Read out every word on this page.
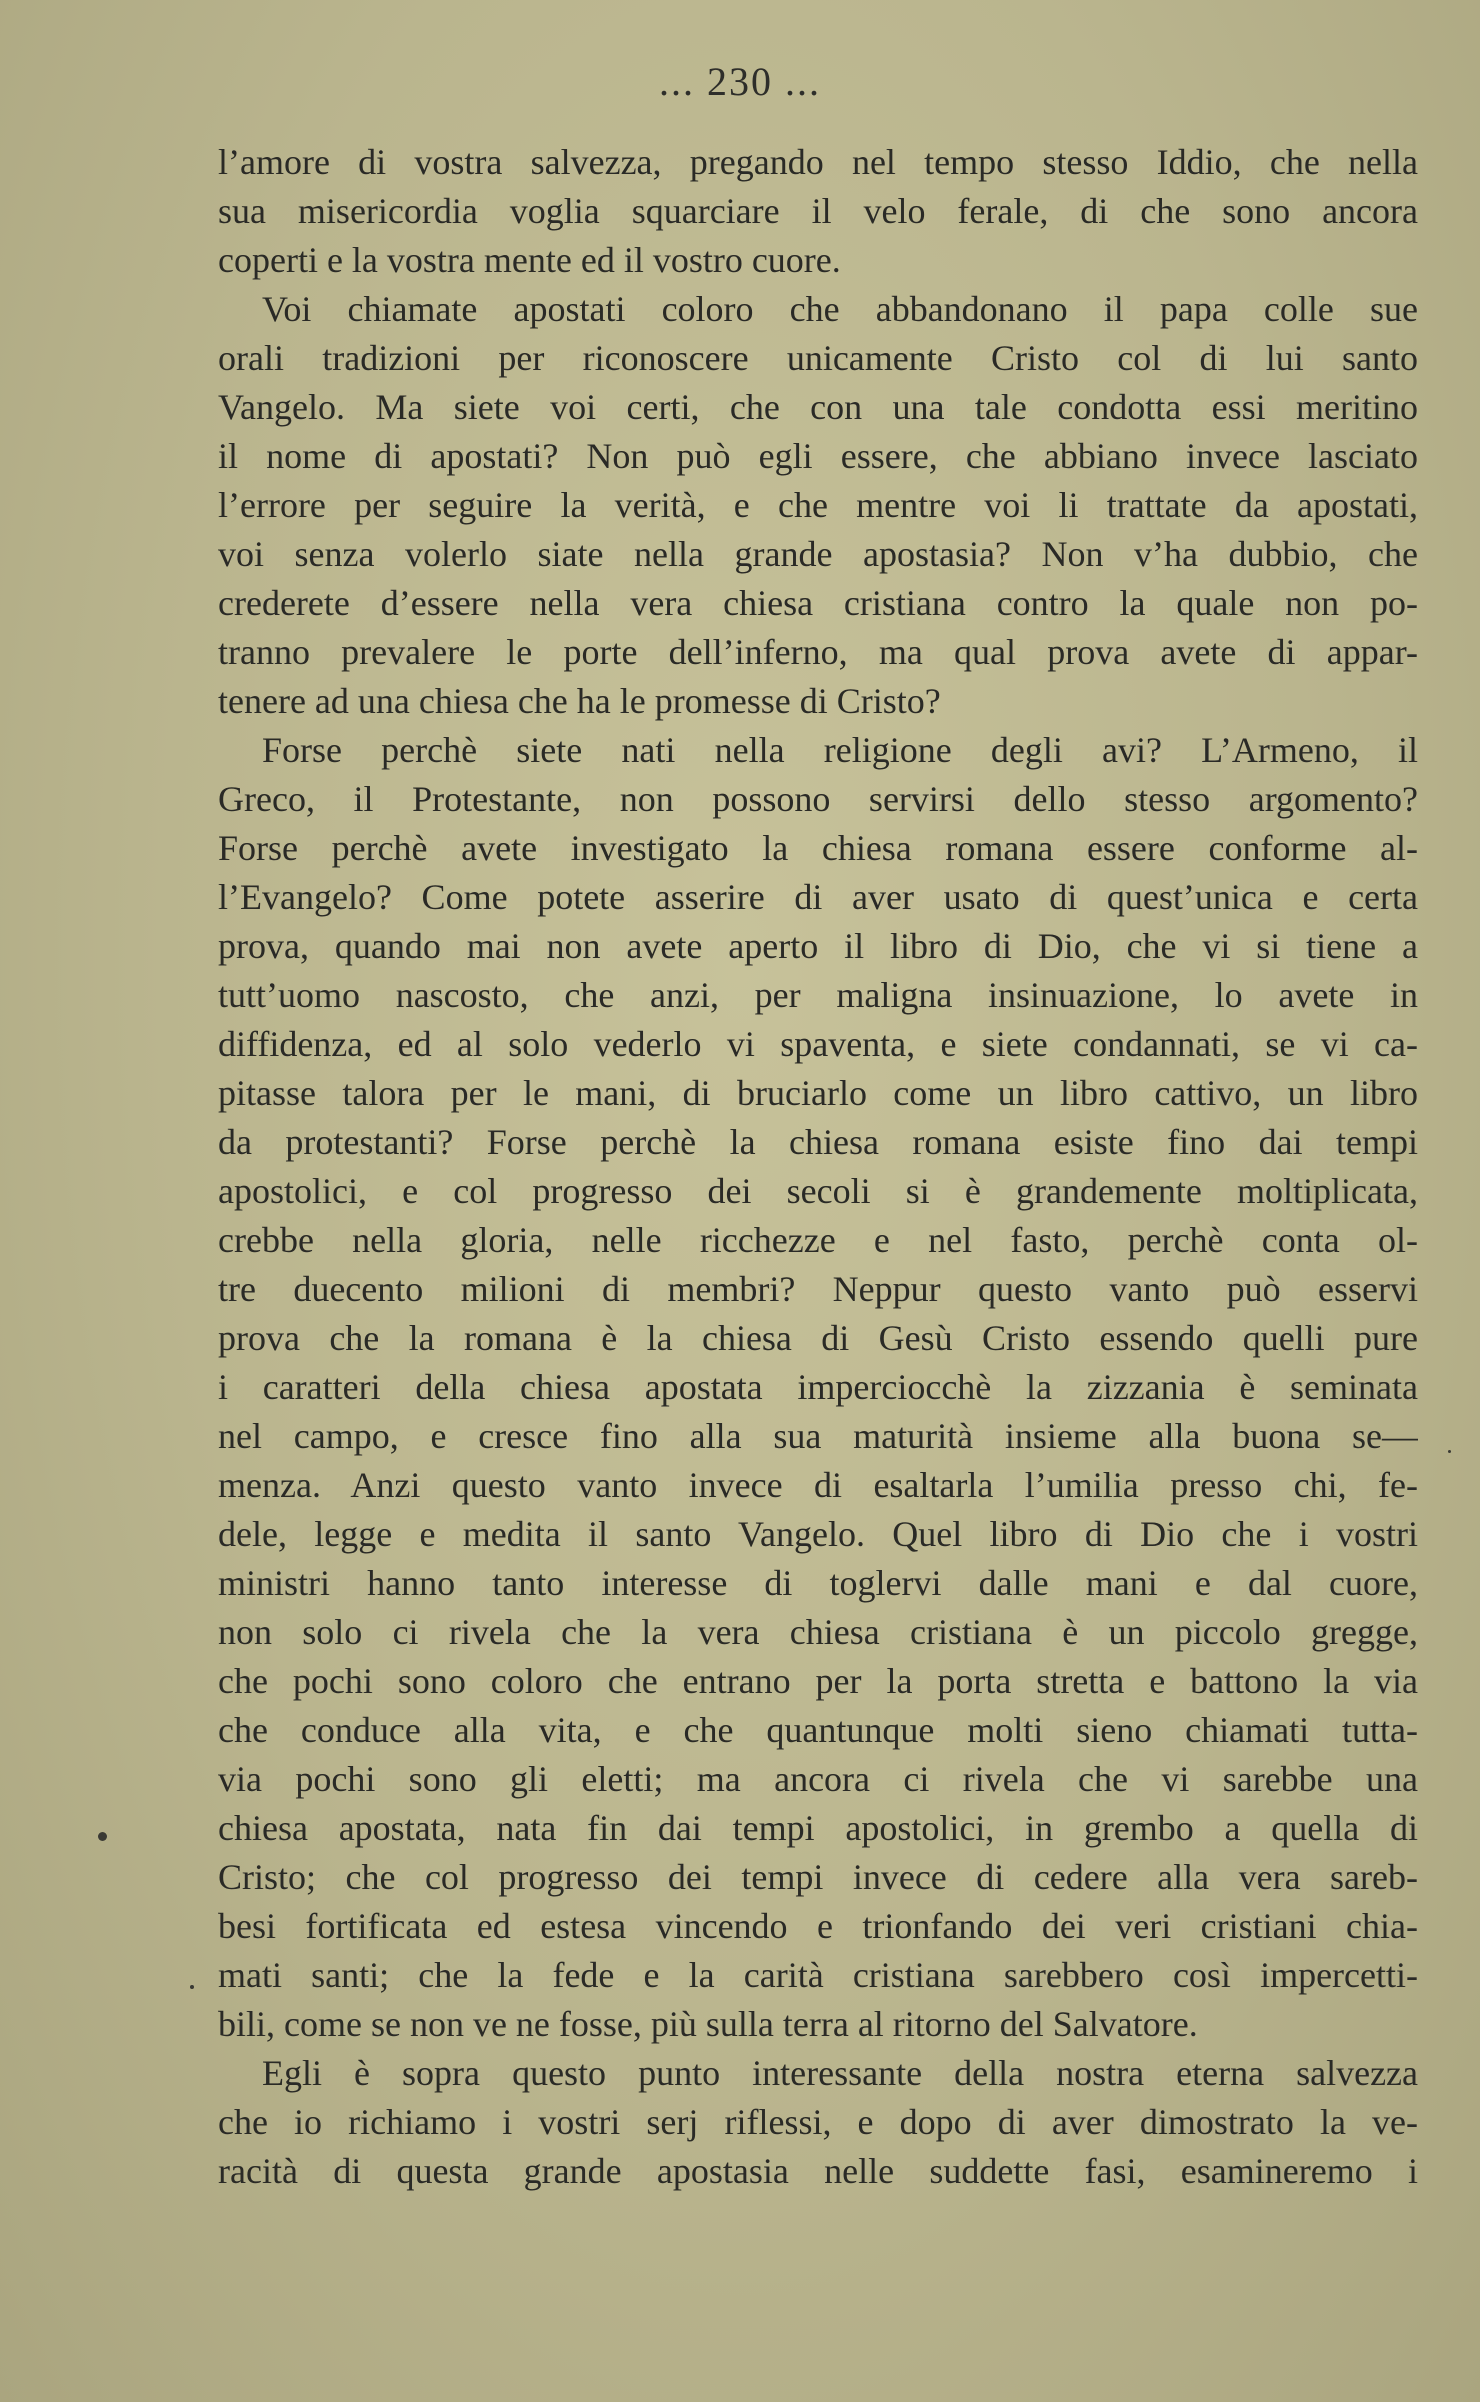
... 230 ...
l’amore di vostra salvezza, pregando nel tempo stesso Iddio, che nella
sua misericordia voglia squarciare il velo ferale, di che sono ancora
coperti e la vostra mente ed il vostro cuore.
Voi chiamate apostati coloro che abbandonano il papa colle sue
orali tradizioni per riconoscere unicamente Cristo col di lui santo
Vangelo. Ma siete voi certi, che con una tale condotta essi meritino
il nome di apostati? Non può egli essere, che abbiano invece lasciato
l’errore per seguire la verità, e che mentre voi li trattate da apostati,
voi senza volerlo siate nella grande apostasia? Non v’ha dubbio, che
crederete d’essere nella vera chiesa cristiana contro la quale non po-
tranno prevalere le porte dell’inferno, ma qual prova avete di appar-
tenere ad una chiesa che ha le promesse di Cristo?
Forse perchè siete nati nella religione degli avi? L’Armeno, il
Greco, il Protestante, non possono servirsi dello stesso argomento?
Forse perchè avete investigato la chiesa romana essere conforme al-
l’Evangelo? Come potete asserire di aver usato di quest’unica e certa
prova, quando mai non avete aperto il libro di Dio, che vi si tiene a
tutt’uomo nascosto, che anzi, per maligna insinuazione, lo avete in
diffidenza, ed al solo vederlo vi spaventa, e siete condannati, se vi ca-
pitasse talora per le mani, di bruciarlo come un libro cattivo, un libro
da protestanti? Forse perchè la chiesa romana esiste fino dai tempi
apostolici, e col progresso dei secoli si è grandemente moltiplicata,
crebbe nella gloria, nelle ricchezze e nel fasto, perchè conta ol-
tre duecento milioni di membri? Neppur questo vanto può esservi
prova che la romana è la chiesa di Gesù Cristo essendo quelli pure
i caratteri della chiesa apostata imperciocchè la zizzania è seminata
nel campo, e cresce fino alla sua maturità insieme alla buona se—
menza. Anzi questo vanto invece di esaltarla l’umilia presso chi, fe-
dele, legge e medita il santo Vangelo. Quel libro di Dio che i vostri
ministri hanno tanto interesse di toglervi dalle mani e dal cuore,
non solo ci rivela che la vera chiesa cristiana è un piccolo gregge,
che pochi sono coloro che entrano per la porta stretta e battono la via
che conduce alla vita, e che quantunque molti sieno chiamati tutta-
via pochi sono gli eletti; ma ancora ci rivela che vi sarebbe una
chiesa apostata, nata fin dai tempi apostolici, in grembo a quella di
Cristo; che col progresso dei tempi invece di cedere alla vera sareb-
besi fortificata ed estesa vincendo e trionfando dei veri cristiani chia-
mati santi; che la fede e la carità cristiana sarebbero così impercetti-
bili, come se non ve ne fosse, più sulla terra al ritorno del Salvatore.
Egli è sopra questo punto interessante della nostra eterna salvezza
che io richiamo i vostri serj riflessi, e dopo di aver dimostrato la ve-
racità di questa grande apostasia nelle suddette fasi, esamineremo i
